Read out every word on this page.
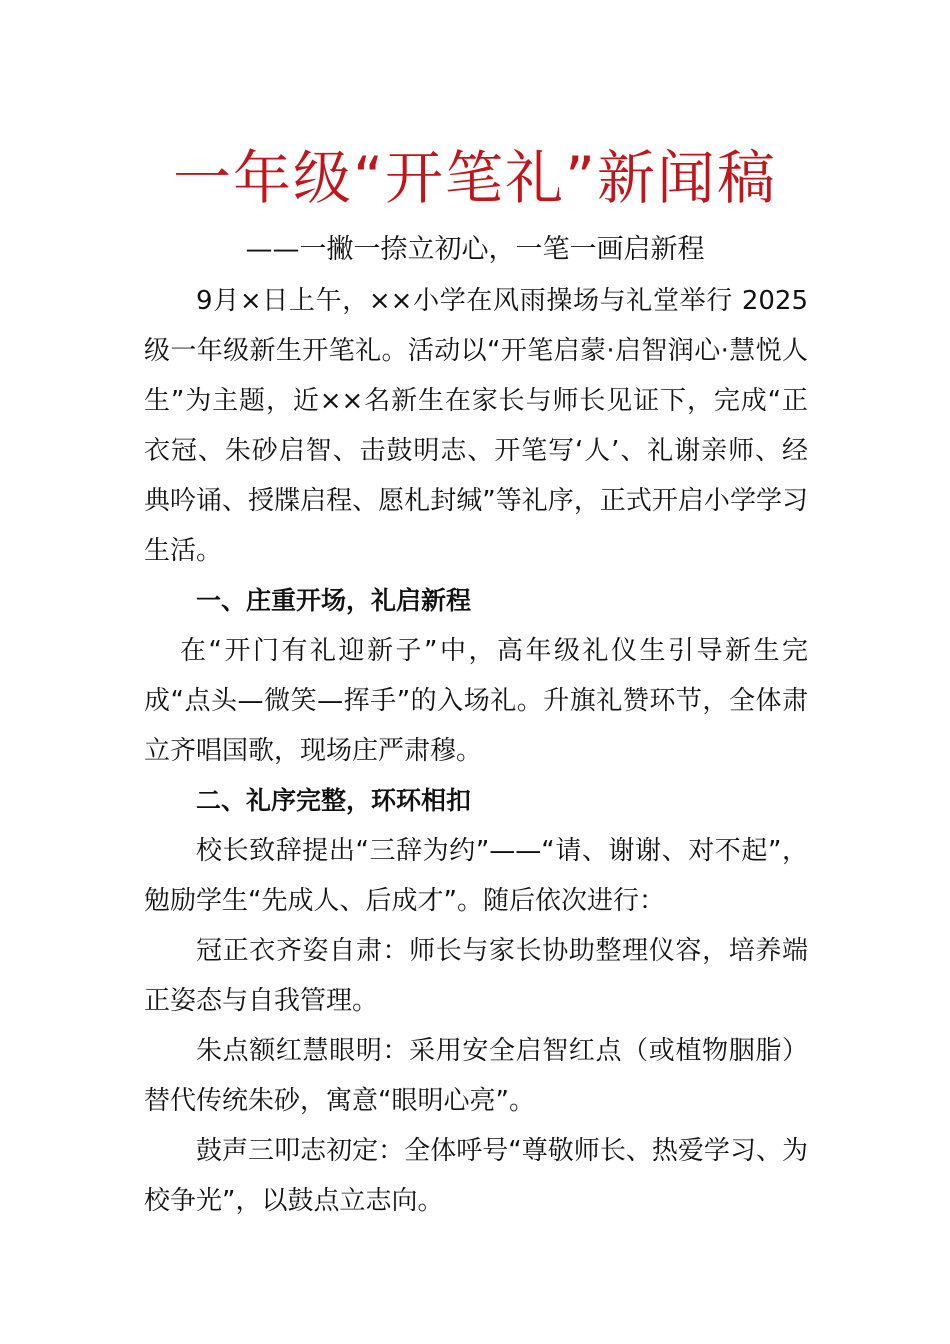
一年级“开笔礼”新闻稿

——一撇一捺立初心，一笔一画启新程

9月×日上午，××小学在风雨操场与礼堂举行 2025级一年级新生开笔礼。活动以“开笔启蒙·启智润心·慧悦人生”为主题，近××名新生在家长与师长见证下，完成“正衣冠、朱砂启智、击鼓明志、开笔写‘人’、礼谢亲师、经典吟诵、授牒启程、愿札封缄”等礼序，正式开启小学学习生活。

一、庄重开场，礼启新程

在“开门有礼迎新子”中，高年级礼仪生引导新生完成“点头—微笑—挥手”的入场礼。升旗礼赞环节，全体肃立齐唱国歌，现场庄严肃穆。

二、礼序完整，环环相扣

校长致辞提出“三辞为约”——“请、谢谢、对不起”，勉励学生“先成人、后成才”。随后依次进行：

冠正衣齐姿自肃：师长与家长协助整理仪容，培养端正姿态与自我管理。

朱点额红慧眼明：采用安全启智红点（或植物胭脂）替代传统朱砂，寓意“眼明心亮”。

鼓声三叩志初定：全体呼号“尊敬师长、热爱学习、为校争光”，以鼓点立志向。
